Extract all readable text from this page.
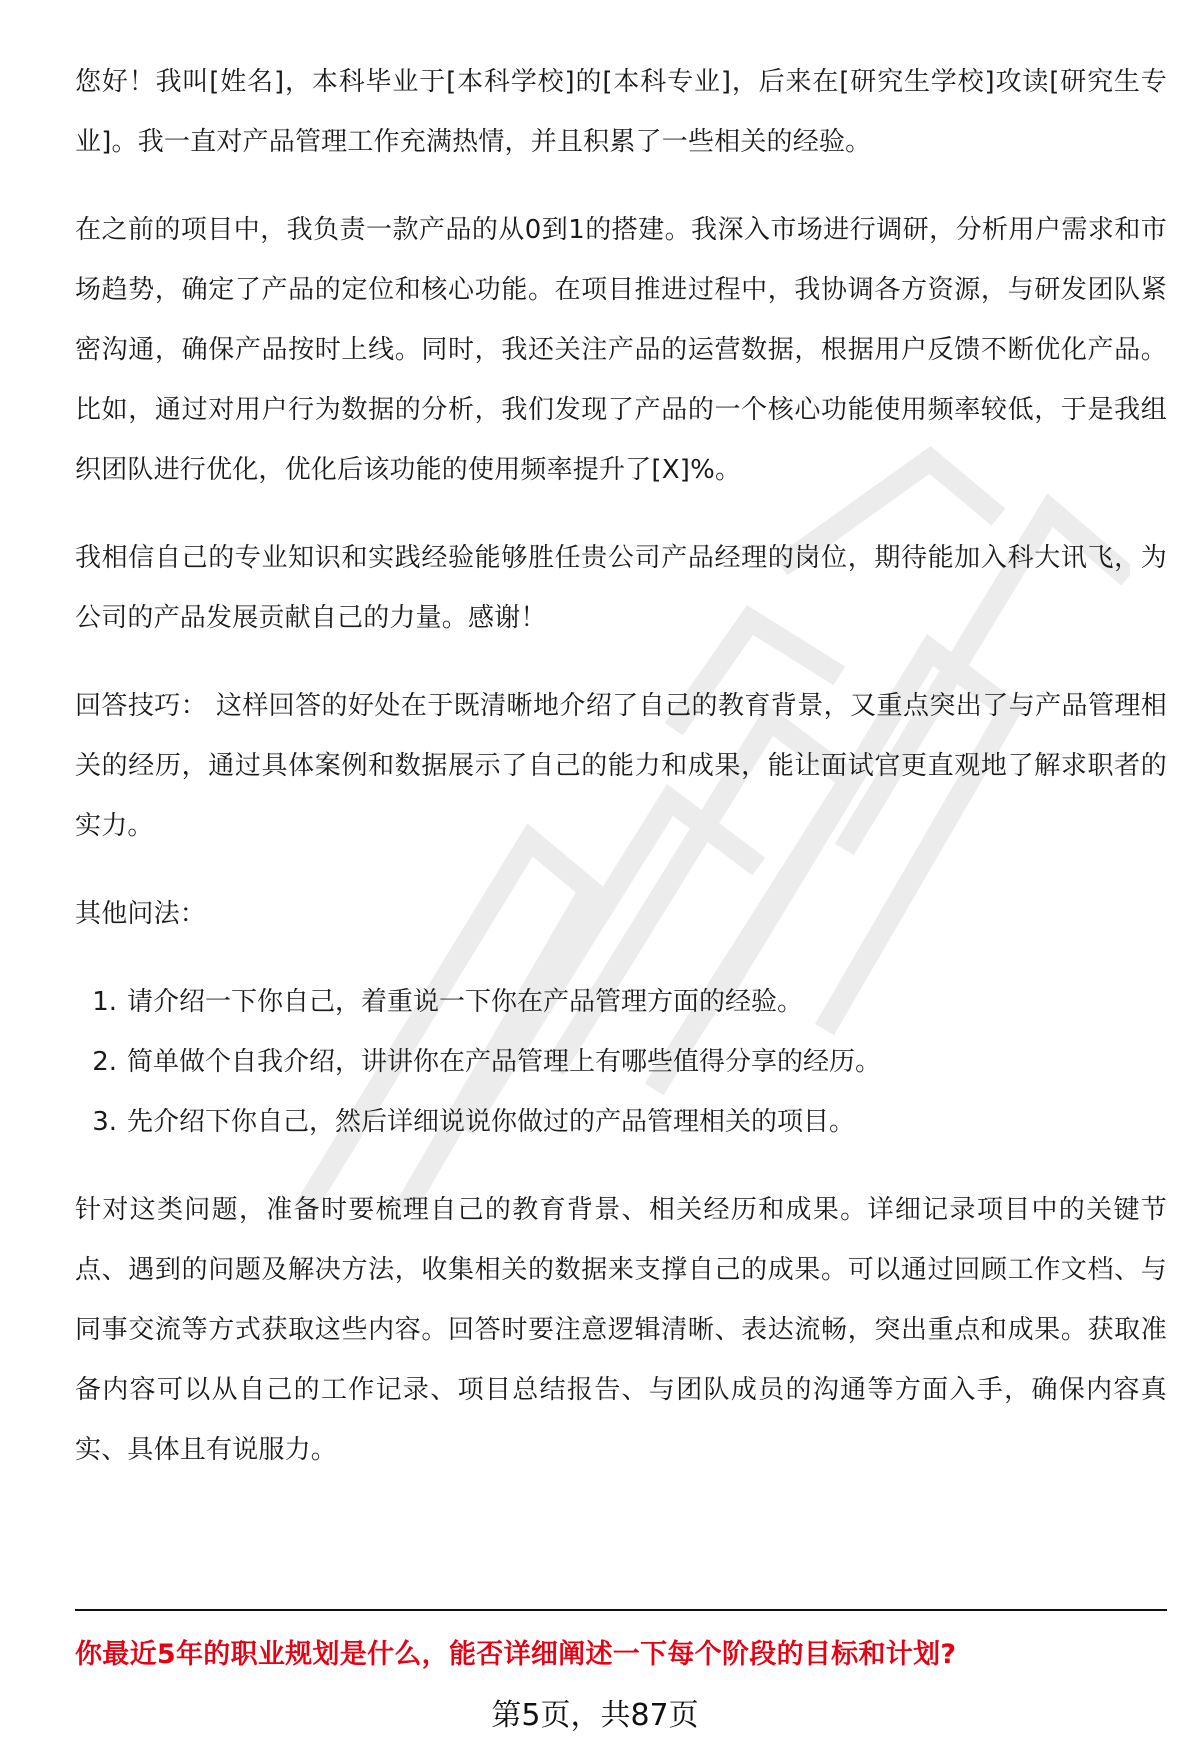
您好！我叫[姓名]，本科毕业于[本科学校]的[本科专业]，后来在[研究生学校]攻读[研究生专业]。我一直对产品管理工作充满热情，并且积累了一些相关的经验。

在之前的项目中，我负责一款产品的从0到1的搭建。我深入市场进行调研，分析用户需求和市场趋势，确定了产品的定位和核心功能。在项目推进过程中，我协调各方资源，与研发团队紧密沟通，确保产品按时上线。同时，我还关注产品的运营数据，根据用户反馈不断优化产品。比如，通过对用户行为数据的分析，我们发现了产品的一个核心功能使用频率较低，于是我组织团队进行优化，优化后该功能的使用频率提升了[X]%。

我相信自己的专业知识和实践经验能够胜任贵公司产品经理的岗位，期待能加入科大讯飞，为公司的产品发展贡献自己的力量。感谢！

回答技巧： 这样回答的好处在于既清晰地介绍了自己的教育背景，又重点突出了与产品管理相关的经历，通过具体案例和数据展示了自己的能力和成果，能让面试官更直观地了解求职者的实力。

其他问法：

1. 请介绍一下你自己，着重说一下你在产品管理方面的经验。
2. 简单做个自我介绍，讲讲你在产品管理上有哪些值得分享的经历。
3. 先介绍下你自己，然后详细说说你做过的产品管理相关的项目。

针对这类问题，准备时要梳理自己的教育背景、相关经历和成果。详细记录项目中的关键节点、遇到的问题及解决方法，收集相关的数据来支撑自己的成果。可以通过回顾工作文档、与同事交流等方式获取这些内容。回答时要注意逻辑清晰、表达流畅，突出重点和成果。获取准备内容可以从自己的工作记录、项目总结报告、与团队成员的沟通等方面入手，确保内容真实、具体且有说服力。

你最近5年的职业规划是什么，能否详细阐述一下每个阶段的目标和计划?
第5页，共87页
